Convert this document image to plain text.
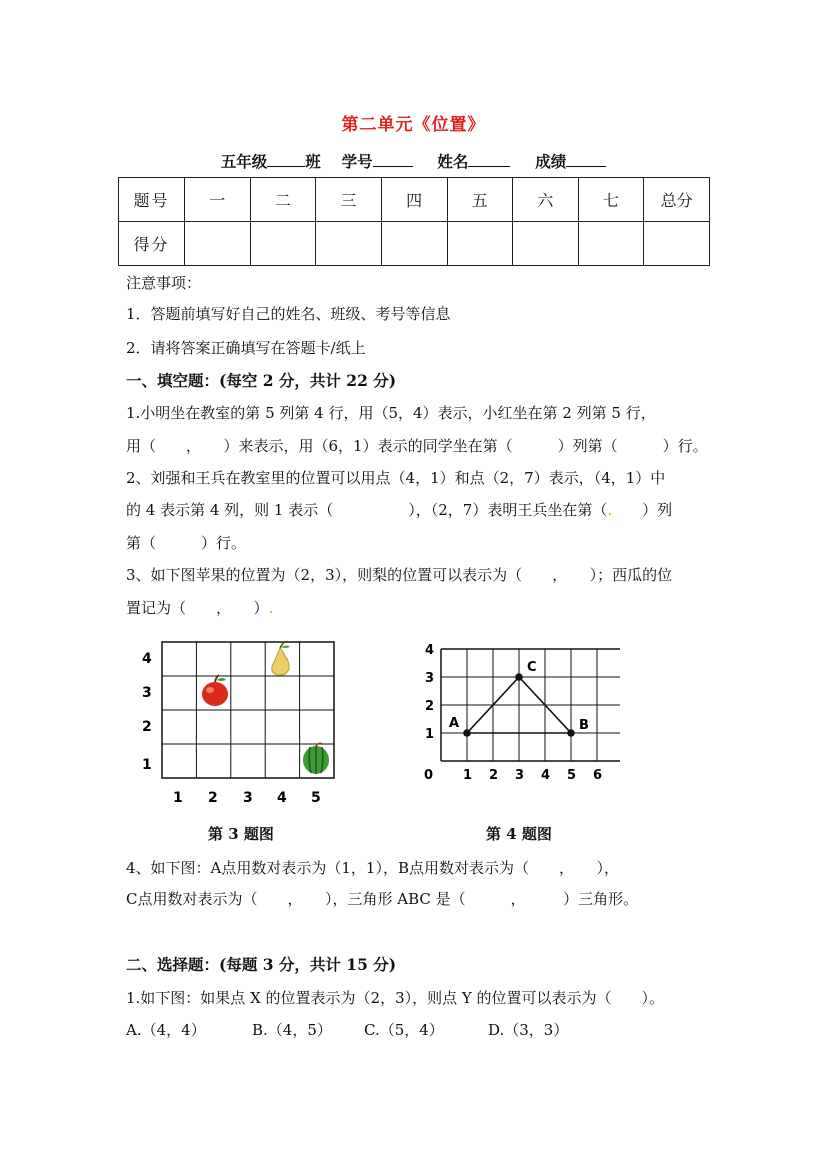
第二单元《位置》
五年级 班 学号	姓名	成绩
题号	一	二	三	四	五	六	七	总分
得分								
注意事项：
1．答题前填写好自己的姓名、班级、考号等信息
2．请将答案正确填写在答题卡/纸上
一、填空题：(每空 2 分，共计 22 分)
1.小明坐在教室的第 5 列第 4 行，用（5，4）表示，小红坐在第 2 列第 5 行，
用（　　，　　）来表示，用（6，1）表示的同学坐在第（　　　）列第（　　　）行。
2、刘强和王兵在教室里的位置可以用点（4，1）和点（2，7）表示，（4，1）中
的 4 表示第 4 列，则 1 表示（　　　　　），（2，7）表明王兵坐在第（.　　）列
第（　　　）行。
3、如下图苹果的位置为（2，3），则梨的位置可以表示为（　　，　　）；西瓜的位
置记为（　　，　　）.
4
3
2
1
1 2 3 4 5
0 1 2 3 4 5 6
4
3
2
1
A	B
C
第 3 题图	第 4 题图
4、如下图：A点用数对表示为（1，1），B点用数对表示为（　　，　　），
C点用数对表示为（　　，　　），三角形 ABC 是（　　　，　　　）三角形。
二、选择题：(每题 3 分，共计 15 分)
1.如下图：如果点 X 的位置表示为（2，3），则点 Y 的位置可以表示为（　　）。
A.（4，4）	B.（4，5） C.（5，4）	D.（3，3）
